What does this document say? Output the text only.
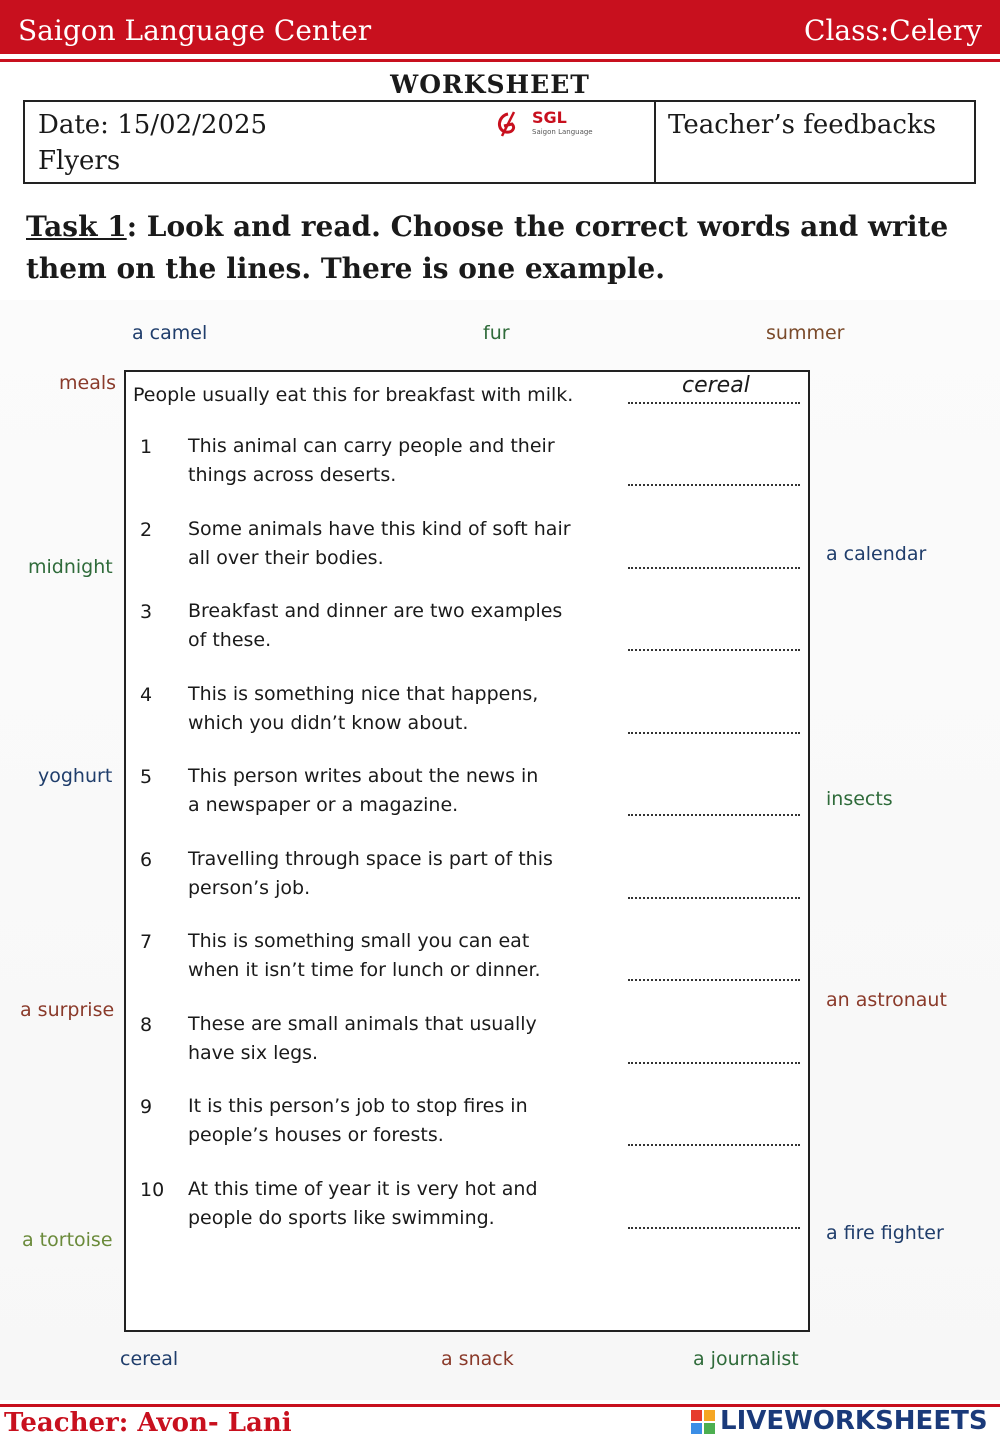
Saigon Language Center	Class:Celery
WORKSHEET
Date: 15/02/2025
Flyers
Teacher’s feedbacks
SGL
Saigon Language
Task 1: Look and read. Choose the correct words and write them on the lines. There is one example.
a camel	fur	summer
meals
midnight
a calendar
yoghurt
insects
a surprise	an astronaut
a tortoise	a fire fighter
cereal	a snack	a journalist
People usually eat this for breakfast with milk.	cereal
1 This animal can carry people and their
things across deserts.
2 Some animals have this kind of soft hair
all over their bodies.
3 Breakfast and dinner are two examples
of these.
4 This is something nice that happens,
which you didn’t know about.
5 This person writes about the news in
a newspaper or a magazine.
6 Travelling through space is part of this
person’s job.
7 This is something small you can eat
when it isn’t time for lunch or dinner.
8 These are small animals that usually
have six legs.
9 It is this person’s job to stop fires in
people’s houses or forests.
10 At this time of year it is very hot and
people do sports like swimming.
Teacher: Avon- Lani	LIVEWORKSHEETS
